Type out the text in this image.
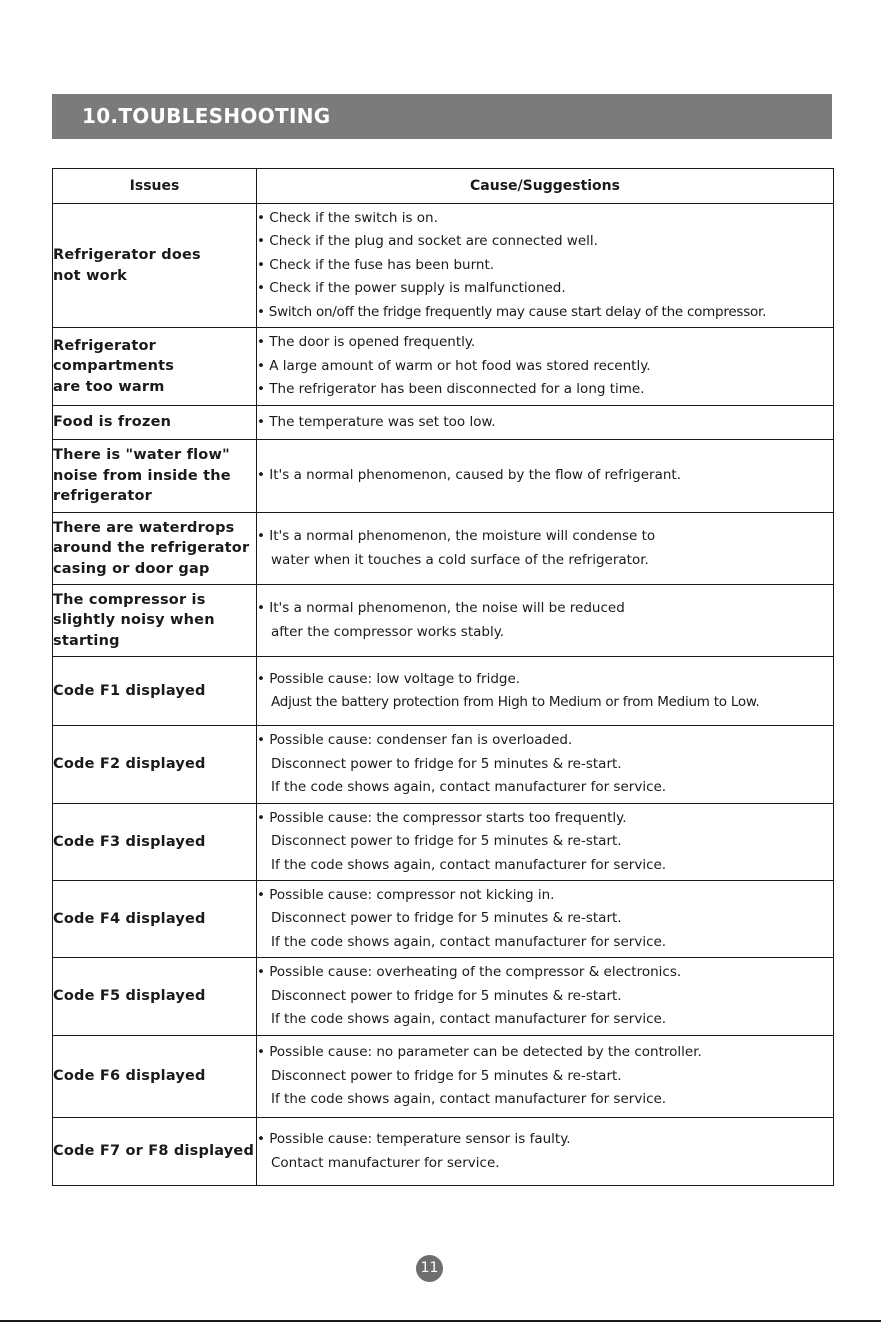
10.TOUBLESHOOTING
Issues	Cause/Suggestions

Refrigerator does
not work	• Check if the switch is on.
• Check if the plug and socket are connected well.
• Check if the fuse has been burnt.
• Check if the power supply is malfunctioned.
• Switch on/off the fridge frequently may cause start delay of the compressor.

Refrigerator
compartments
are too warm	• The door is opened frequently.
• A large amount of warm or hot food was stored recently.
• The refrigerator has been disconnected for a long time.

Food is frozen	• The temperature was set too low.

There is "water flow"
noise from inside the
refrigerator	• It's a normal phenomenon, caused by the flow of refrigerant.

There are waterdrops
around the refrigerator
casing or door gap	• It's a normal phenomenon, the moisture will condense to
water when it touches a cold surface of the refrigerator.

The compressor is
slightly noisy when
starting	• It's a normal phenomenon, the noise will be reduced
after the compressor works stably.

Code F1 displayed	• Possible cause: low voltage to fridge.
Adjust the battery protection from High to Medium or from Medium to Low.

Code F2 displayed	• Possible cause: condenser fan is overloaded.
Disconnect power to fridge for 5 minutes & re-start.
If the code shows again, contact manufacturer for service.

Code F3 displayed	• Possible cause: the compressor starts too frequently.
Disconnect power to fridge for 5 minutes & re-start.
If the code shows again, contact manufacturer for service.

Code F4 displayed	• Possible cause: compressor not kicking in.
Disconnect power to fridge for 5 minutes & re-start.
If the code shows again, contact manufacturer for service.

Code F5 displayed	• Possible cause: overheating of the compressor & electronics.
Disconnect power to fridge for 5 minutes & re-start.
If the code shows again, contact manufacturer for service.

Code F6 displayed	• Possible cause: no parameter can be detected by the controller.
Disconnect power to fridge for 5 minutes & re-start.
If the code shows again, contact manufacturer for service.

Code F7 or F8 displayed	• Possible cause: temperature sensor is faulty.
Contact manufacturer for service.
11
